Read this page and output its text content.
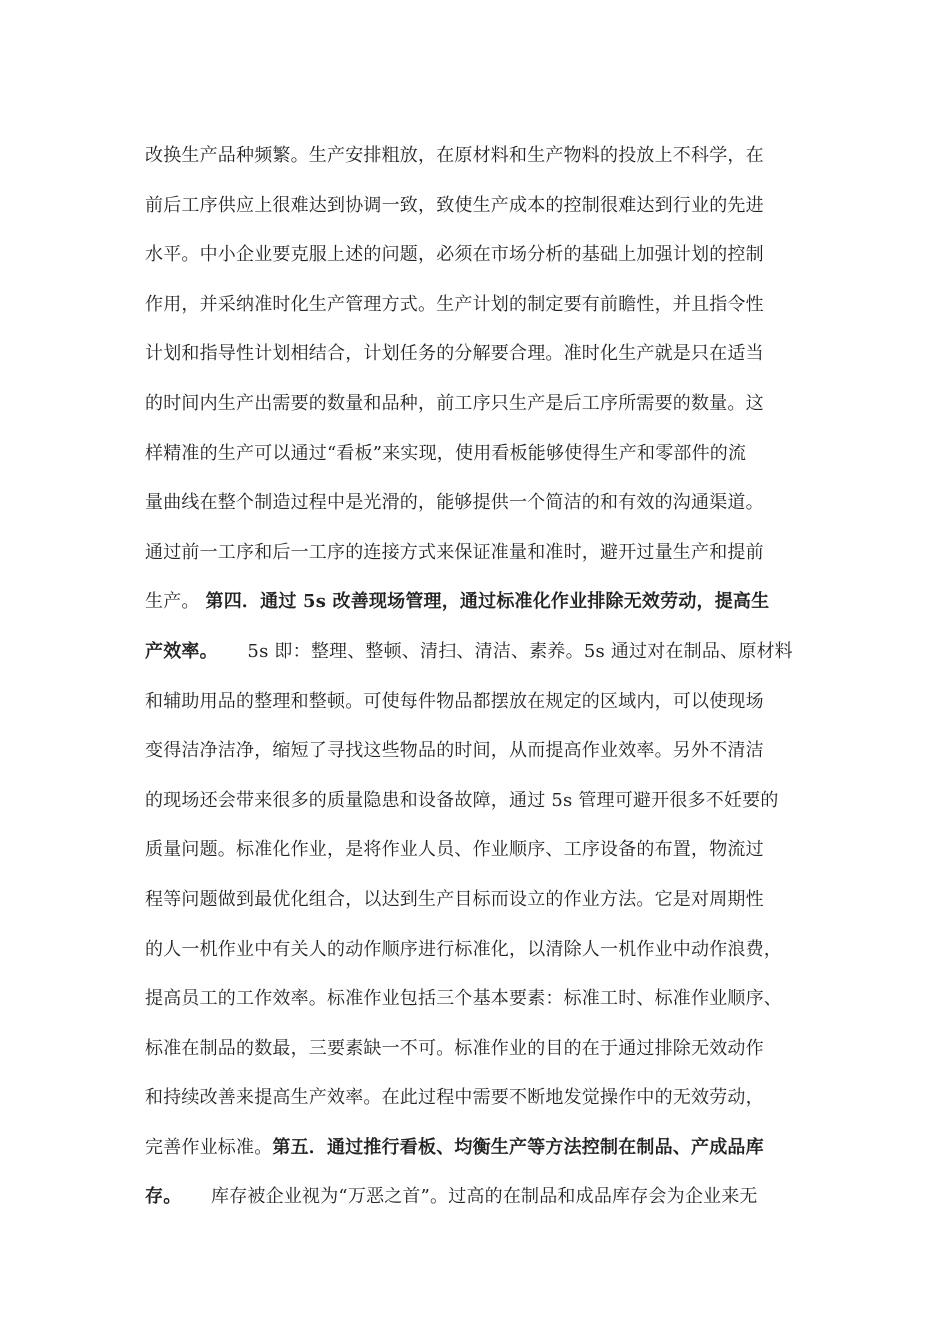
改换生产品种频繁。生产安排粗放，在原材料和生产物料的投放上不科学，在
前后工序供应上很难达到协调一致，致使生产成本的控制很难达到行业的先进
水平。中小企业要克服上述的问题，必须在市场分析的基础上加强计划的控制
作用，并采纳准时化生产管理方式。生产计划的制定要有前瞻性，并且指令性
计划和指导性计划相结合，计划任务的分解要合理。准时化生产就是只在适当
的时间内生产出需要的数量和品种，前工序只生产是后工序所需要的数量。这
样精准的生产可以通过“看板”来实现，使用看板能够使得生产和零部件的流
量曲线在整个制造过程中是光滑的，能够提供一个简洁的和有效的沟通渠道。
通过前一工序和后一工序的连接方式来保证准量和准时，避开过量生产和提前
生产。 第四．通过 5s 改善现场管理，通过标准化作业排除无效劳动，提高生
产效率。     5s 即：整理、整顿、清扫、清洁、素养。5s 通过对在制品、原材料
和辅助用品的整理和整顿。可使每件物品都摆放在规定的区域内，可以使现场
变得洁净洁净，缩短了寻找这些物品的时间，从而提高作业效率。另外不清洁
的现场还会带来很多的质量隐患和设备故障，通过 5s 管理可避开很多不妊要的
质量问题。标准化作业，是将作业人员、作业顺序、工序设备的布置，物流过
程等问题做到最优化组合，以达到生产目标而设立的作业方法。它是对周期性
的人一机作业中有关人的动作顺序进行标准化，以清除人一机作业中动作浪费，
提高员工的工作效率。标准作业包括三个基本要素：标准工时、标准作业顺序、
标准在制品的数最，三要素缺一不可。标准作业的目的在于通过排除无效动作
和持续改善来提高生产效率。在此过程中需要不断地发觉操作中的无效劳动，
完善作业标准。第五．通过推行看板、均衡生产等方法控制在制品、产成品库
存。     库存被企业视为“万恶之首”。过高的在制品和成品库存会为企业来无
